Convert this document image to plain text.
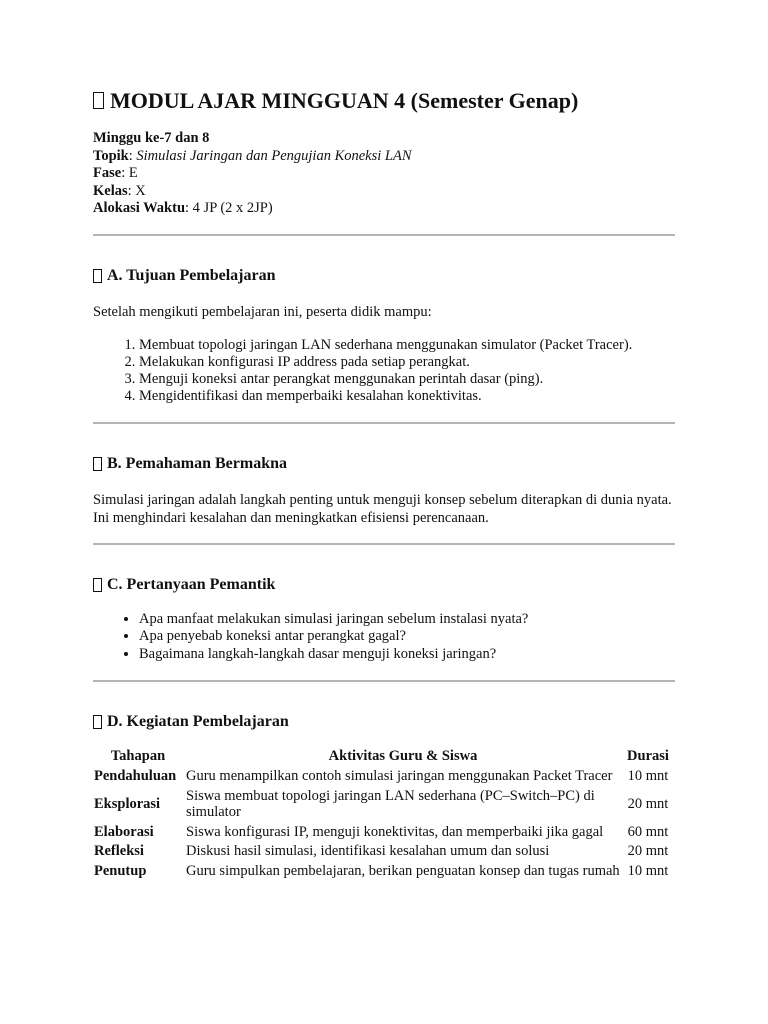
MODUL AJAR MINGGUAN 4 (Semester Genap)
Minggu ke-7 dan 8
Topik: Simulasi Jaringan dan Pengujian Koneksi LAN
Fase: E
Kelas: X
Alokasi Waktu: 4 JP (2 x 2JP)
A. Tujuan Pembelajaran

Setelah mengikuti pembelajaran ini, peserta didik mampu:

1. Membuat topologi jaringan LAN sederhana menggunakan simulator (Packet Tracer).
2. Melakukan konfigurasi IP address pada setiap perangkat.
3. Menguji koneksi antar perangkat menggunakan perintah dasar (ping).
4. Mengidentifikasi dan memperbaiki kesalahan konektivitas.
B. Pemahaman Bermakna

Simulasi jaringan adalah langkah penting untuk menguji konsep sebelum diterapkan di dunia nyata. Ini menghindari kesalahan dan meningkatkan efisiensi perencanaan.

C. Pertanyaan Pemantik
• Apa manfaat melakukan simulasi jaringan sebelum instalasi nyata?
• Apa penyebab koneksi antar perangkat gagal?
• Bagaimana langkah-langkah dasar menguji koneksi jaringan?
D. Kegiatan Pembelajaran
Tahapan	Aktivitas Guru & Siswa	Durasi
Pendahuluan	Guru menampilkan contoh simulasi jaringan menggunakan Packet Tracer	10 mnt
Eksplorasi	Siswa membuat topologi jaringan LAN sederhana (PC–Switch–PC) di simulator	20 mnt
Elaborasi	Siswa konfigurasi IP, menguji konektivitas, dan memperbaiki jika gagal	60 mnt
Refleksi	Diskusi hasil simulasi, identifikasi kesalahan umum dan solusi	20 mnt
Penutup	Guru simpulkan pembelajaran, berikan penguatan konsep dan tugas rumah	10 mnt
